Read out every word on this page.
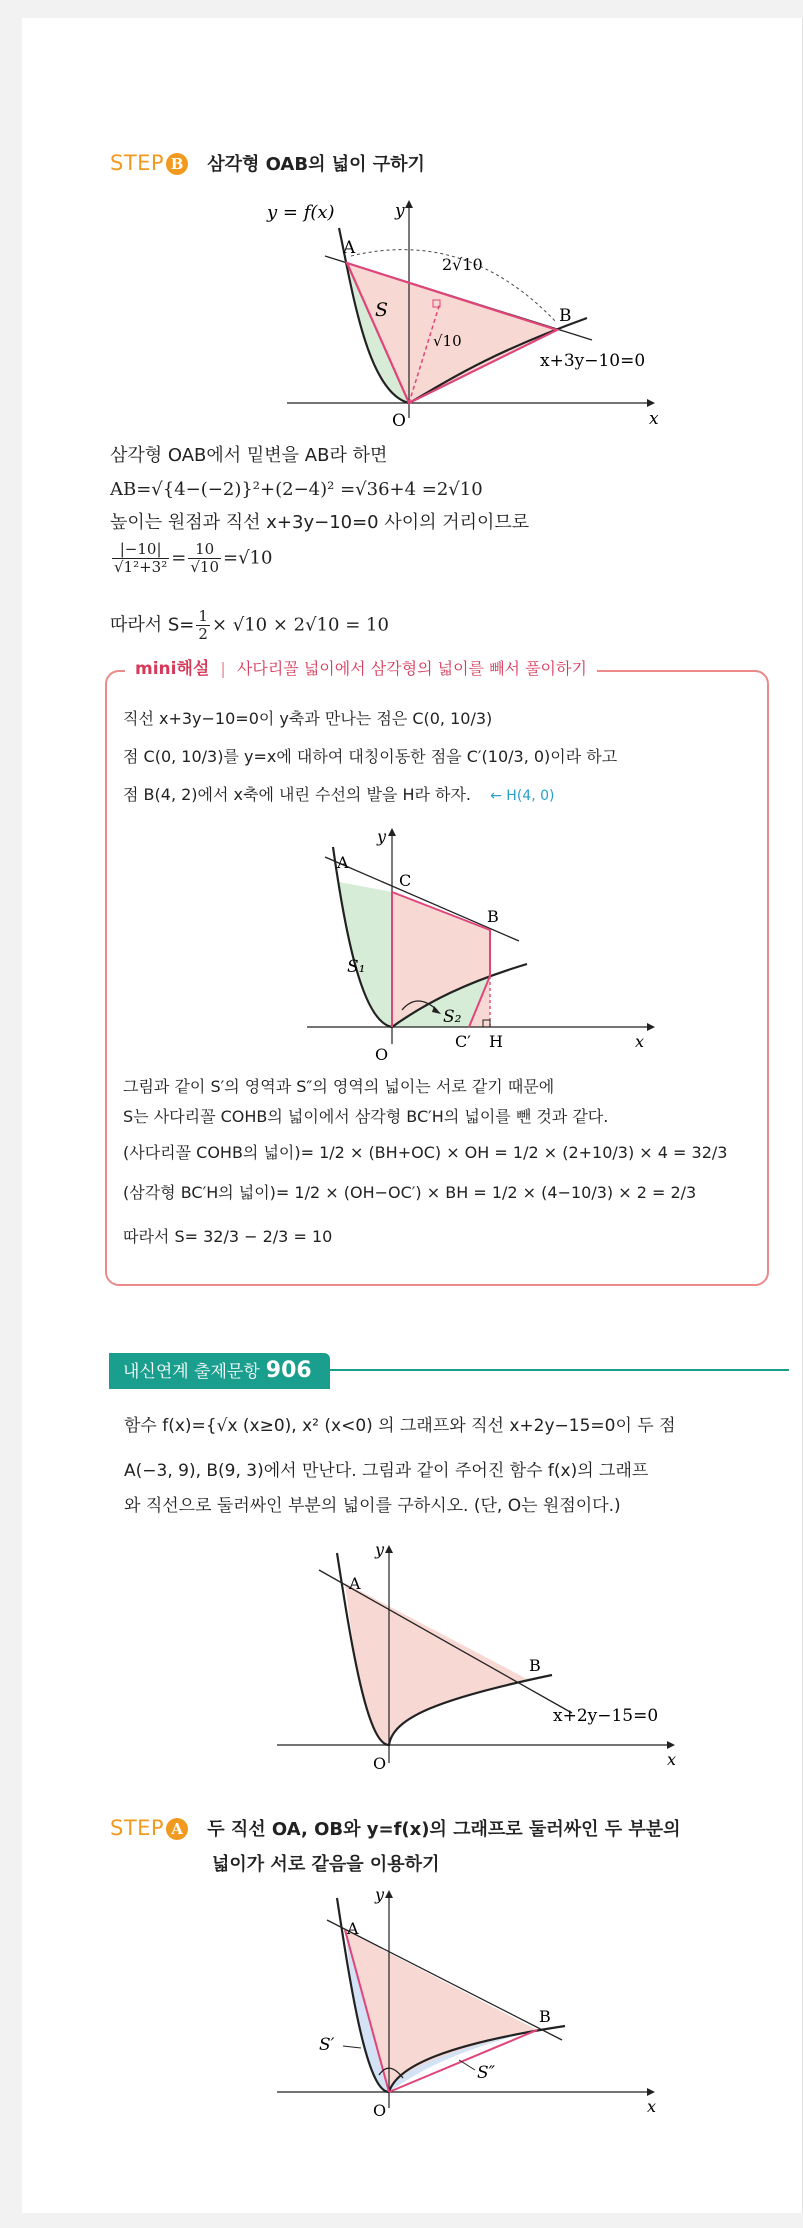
STEP B 삼각형 OAB의 넓이 구하기
y = f(x)	y
x
O
A
B
S
2√10
√10
x+3y−10=0
삼각형 OAB에서 밑변을 AB라 하면
AB=√{4−(−2)}²+(2−4)² =√36+4 =2√10
높이는 원점과 직선 x+3y−10=0 사이의 거리이므로
$\frac{|-10|}{\text{√1²+3²}} = \frac{10}{√10} =√10$
따라서 $S= \frac{1}{2} \times √10 \times 2√10 = 10$
mini해설 | 사다리꼴 넓이에서 삼각형의 넓이를 빼서 풀이하기
직선 x+3y−10=0이 y축과 만나는 점은 C(0, 10/3)
점 C(0, 10/3)를 y=x에 대하여 대칭이동한 점을 C′(10/3, 0)이라 하고
점 B(4, 2)에서 x축에 내린 수선의 발을 H라 하자. ← H(4, 0)
O
y
x
A
C
B
C′ H
S₁
S₂
그림과 같이 S′의 영역과 S″의 영역의 넓이는 서로 같기 때문에
S는 사다리꼴 COHB의 넓이에서 삼각형 BC′H의 넓이를 뺀 것과 같다.
(사다리꼴 COHB의 넓이)= 1/2 × (BH+OC) × OH = 1/2 × (2+10/3) × 4 = 32/3
(삼각형 BC′H의 넓이)= 1/2 × (OH−OC′) × BH = 1/2 × (4−10/3) × 2 = 2/3
따라서 S= 32/3 − 2/3 = 10
내신연계 출제문항 906
함수 f(x)={√x (x≥0), x² (x<0) 의 그래프와 직선 x+2y−15=0이 두 점
A(−3, 9), B(9, 3)에서 만난다. 그림과 같이 주어진 함수 f(x)의 그래프
와 직선으로 둘러싸인 부분의 넓이를 구하시오. (단, O는 원점이다.)
y
x
O
A
B
x+2y−15=0
STEP A 두 직선 OA, OB와 y=f(x)의 그래프로 둘러싸인 두 부분의
넓이가 서로 같음을 이용하기
y
x
O
A
B
S′
S″
